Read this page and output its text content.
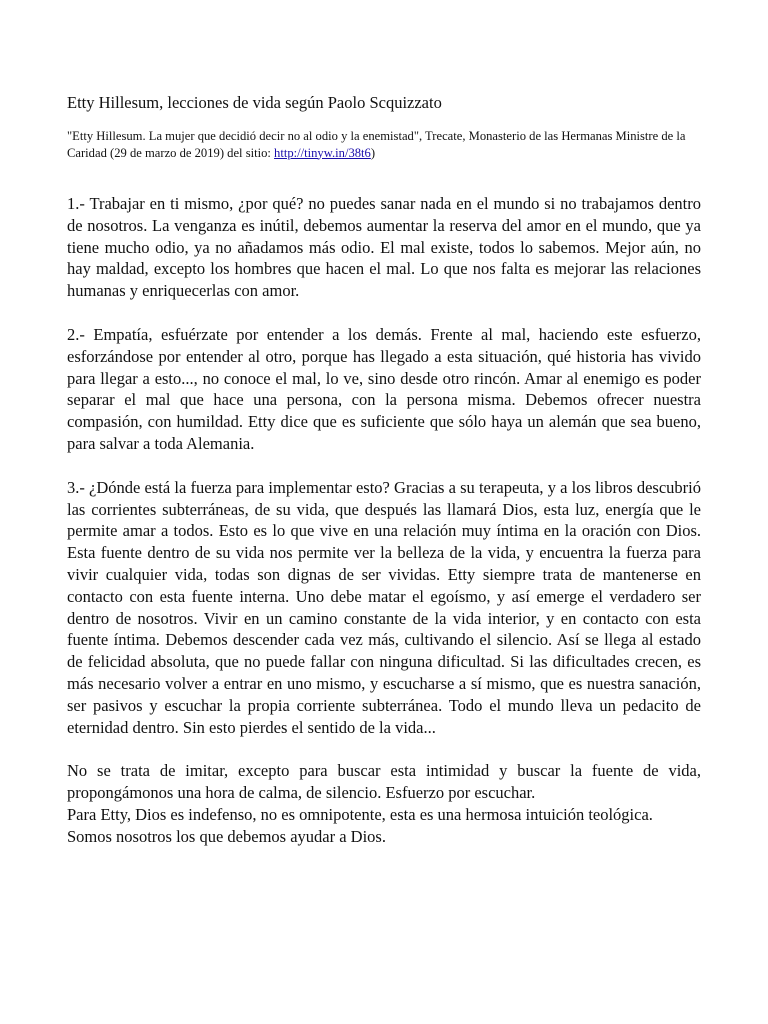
Etty Hillesum, lecciones de vida según Paolo Scquizzato

"Etty Hillesum. La mujer que decidió decir no al odio y la enemistad", Trecate, Monasterio de las Hermanas Ministre de la Caridad (29 de marzo de 2019) del sitio: http://tinyw.in/38t6)

1.- Trabajar en ti mismo, ¿por qué? no puedes sanar nada en el mundo si no trabajamos dentro de nosotros. La venganza es inútil, debemos aumentar la reserva del amor en el mundo, que ya tiene mucho odio, ya no añadamos más odio. El mal existe, todos lo sabemos. Mejor aún, no hay maldad, excepto los hombres que hacen el mal. Lo que nos falta es mejorar las relaciones humanas y enriquecerlas con amor.

2.- Empatía, esfuérzate por entender a los demás. Frente al mal, haciendo este esfuerzo, esforzándose por entender al otro, porque has llegado a esta situación, qué historia has vivido para llegar a esto..., no conoce el mal, lo ve, sino desde otro rincón. Amar al enemigo es poder separar el mal que hace una persona, con la persona misma. Debemos ofrecer nuestra compasión, con humildad. Etty dice que es suficiente que sólo haya un alemán que sea bueno, para salvar a toda Alemania.

3.- ¿Dónde está la fuerza para implementar esto? Gracias a su terapeuta, y a los libros descubrió las corrientes subterráneas, de su vida, que después las llamará Dios, esta luz, energía que le permite amar a todos. Esto es lo que vive en una relación muy íntima en la oración con Dios. Esta fuente dentro de su vida nos permite ver la belleza de la vida, y encuentra la fuerza para vivir cualquier vida, todas son dignas de ser vividas. Etty siempre trata de mantenerse en contacto con esta fuente interna. Uno debe matar el egoísmo, y así emerge el verdadero ser dentro de nosotros. Vivir en un camino constante de la vida interior, y en contacto con esta fuente íntima. Debemos descender cada vez más, cultivando el silencio. Así se llega al estado de felicidad absoluta, que no puede fallar con ninguna dificultad. Si las dificultades crecen, es más necesario volver a entrar en uno mismo, y escucharse a sí mismo, que es nuestra sanación, ser pasivos y escuchar la propia corriente subterránea. Todo el mundo lleva un pedacito de eternidad dentro. Sin esto pierdes el sentido de la vida...

No se trata de imitar, excepto para buscar esta intimidad y buscar la fuente de vida, propongámonos una hora de calma, de silencio. Esfuerzo por escuchar.

Para Etty, Dios es indefenso, no es omnipotente, esta es una hermosa intuición teológica. Somos nosotros los que debemos ayudar a Dios.
